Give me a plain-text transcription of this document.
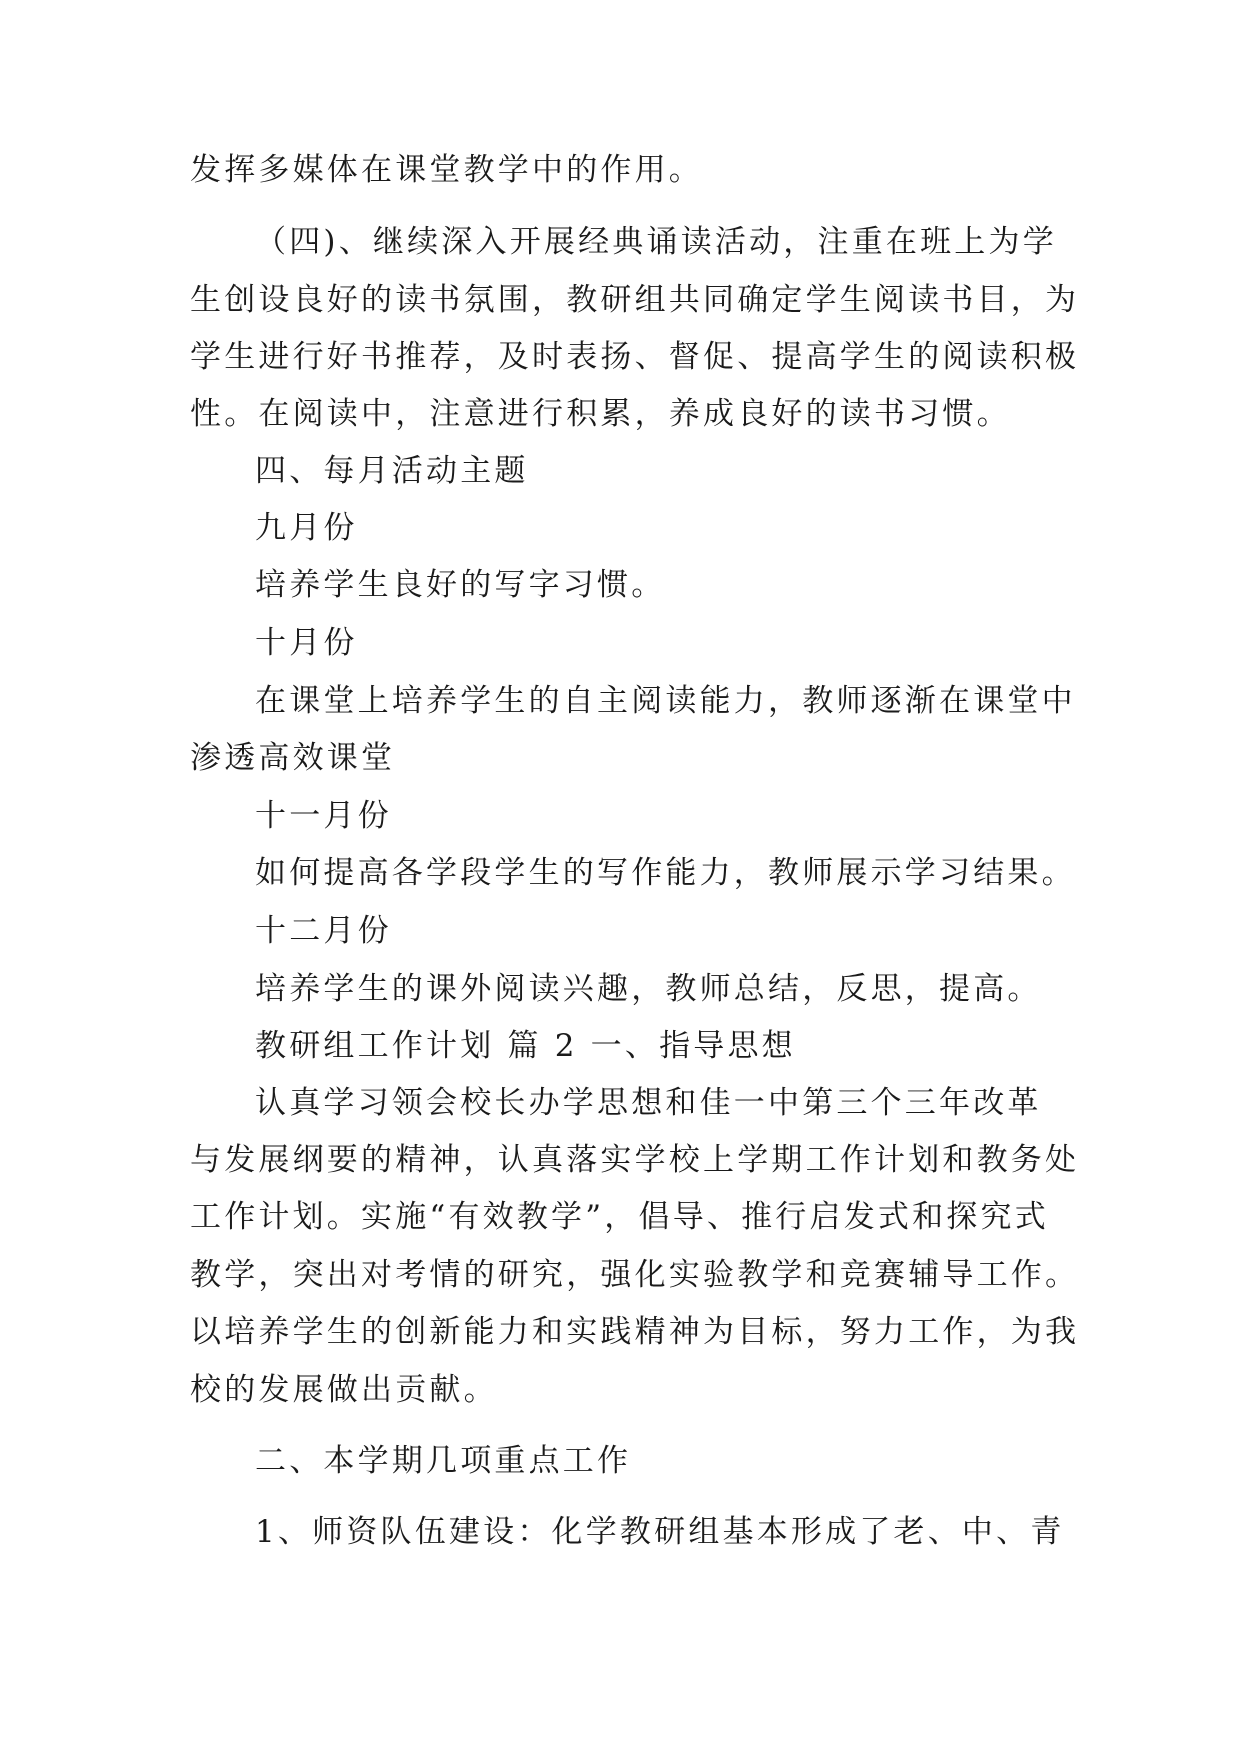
发挥多媒体在课堂教学中的作用。
（四)、继续深入开展经典诵读活动，注重在班上为学
生创设良好的读书氛围，教研组共同确定学生阅读书目，为
学生进行好书推荐，及时表扬、督促、提高学生的阅读积极
性。在阅读中，注意进行积累，养成良好的读书习惯。
四、每月活动主题
九月份
培养学生良好的写字习惯。
十月份
在课堂上培养学生的自主阅读能力，教师逐渐在课堂中
渗透高效课堂
十一月份
如何提高各学段学生的写作能力，教师展示学习结果。
十二月份
培养学生的课外阅读兴趣，教师总结，反思，提高。
教研组工作计划 篇 2 一、指导思想
认真学习领会校长办学思想和佳一中第三个三年改革
与发展纲要的精神，认真落实学校上学期工作计划和教务处
工作计划。实施“有效教学”，倡导、推行启发式和探究式
教学，突出对考情的研究，强化实验教学和竞赛辅导工作。
以培养学生的创新能力和实践精神为目标，努力工作，为我
校的发展做出贡献。
二、本学期几项重点工作
1、师资队伍建设：化学教研组基本形成了老、中、青
